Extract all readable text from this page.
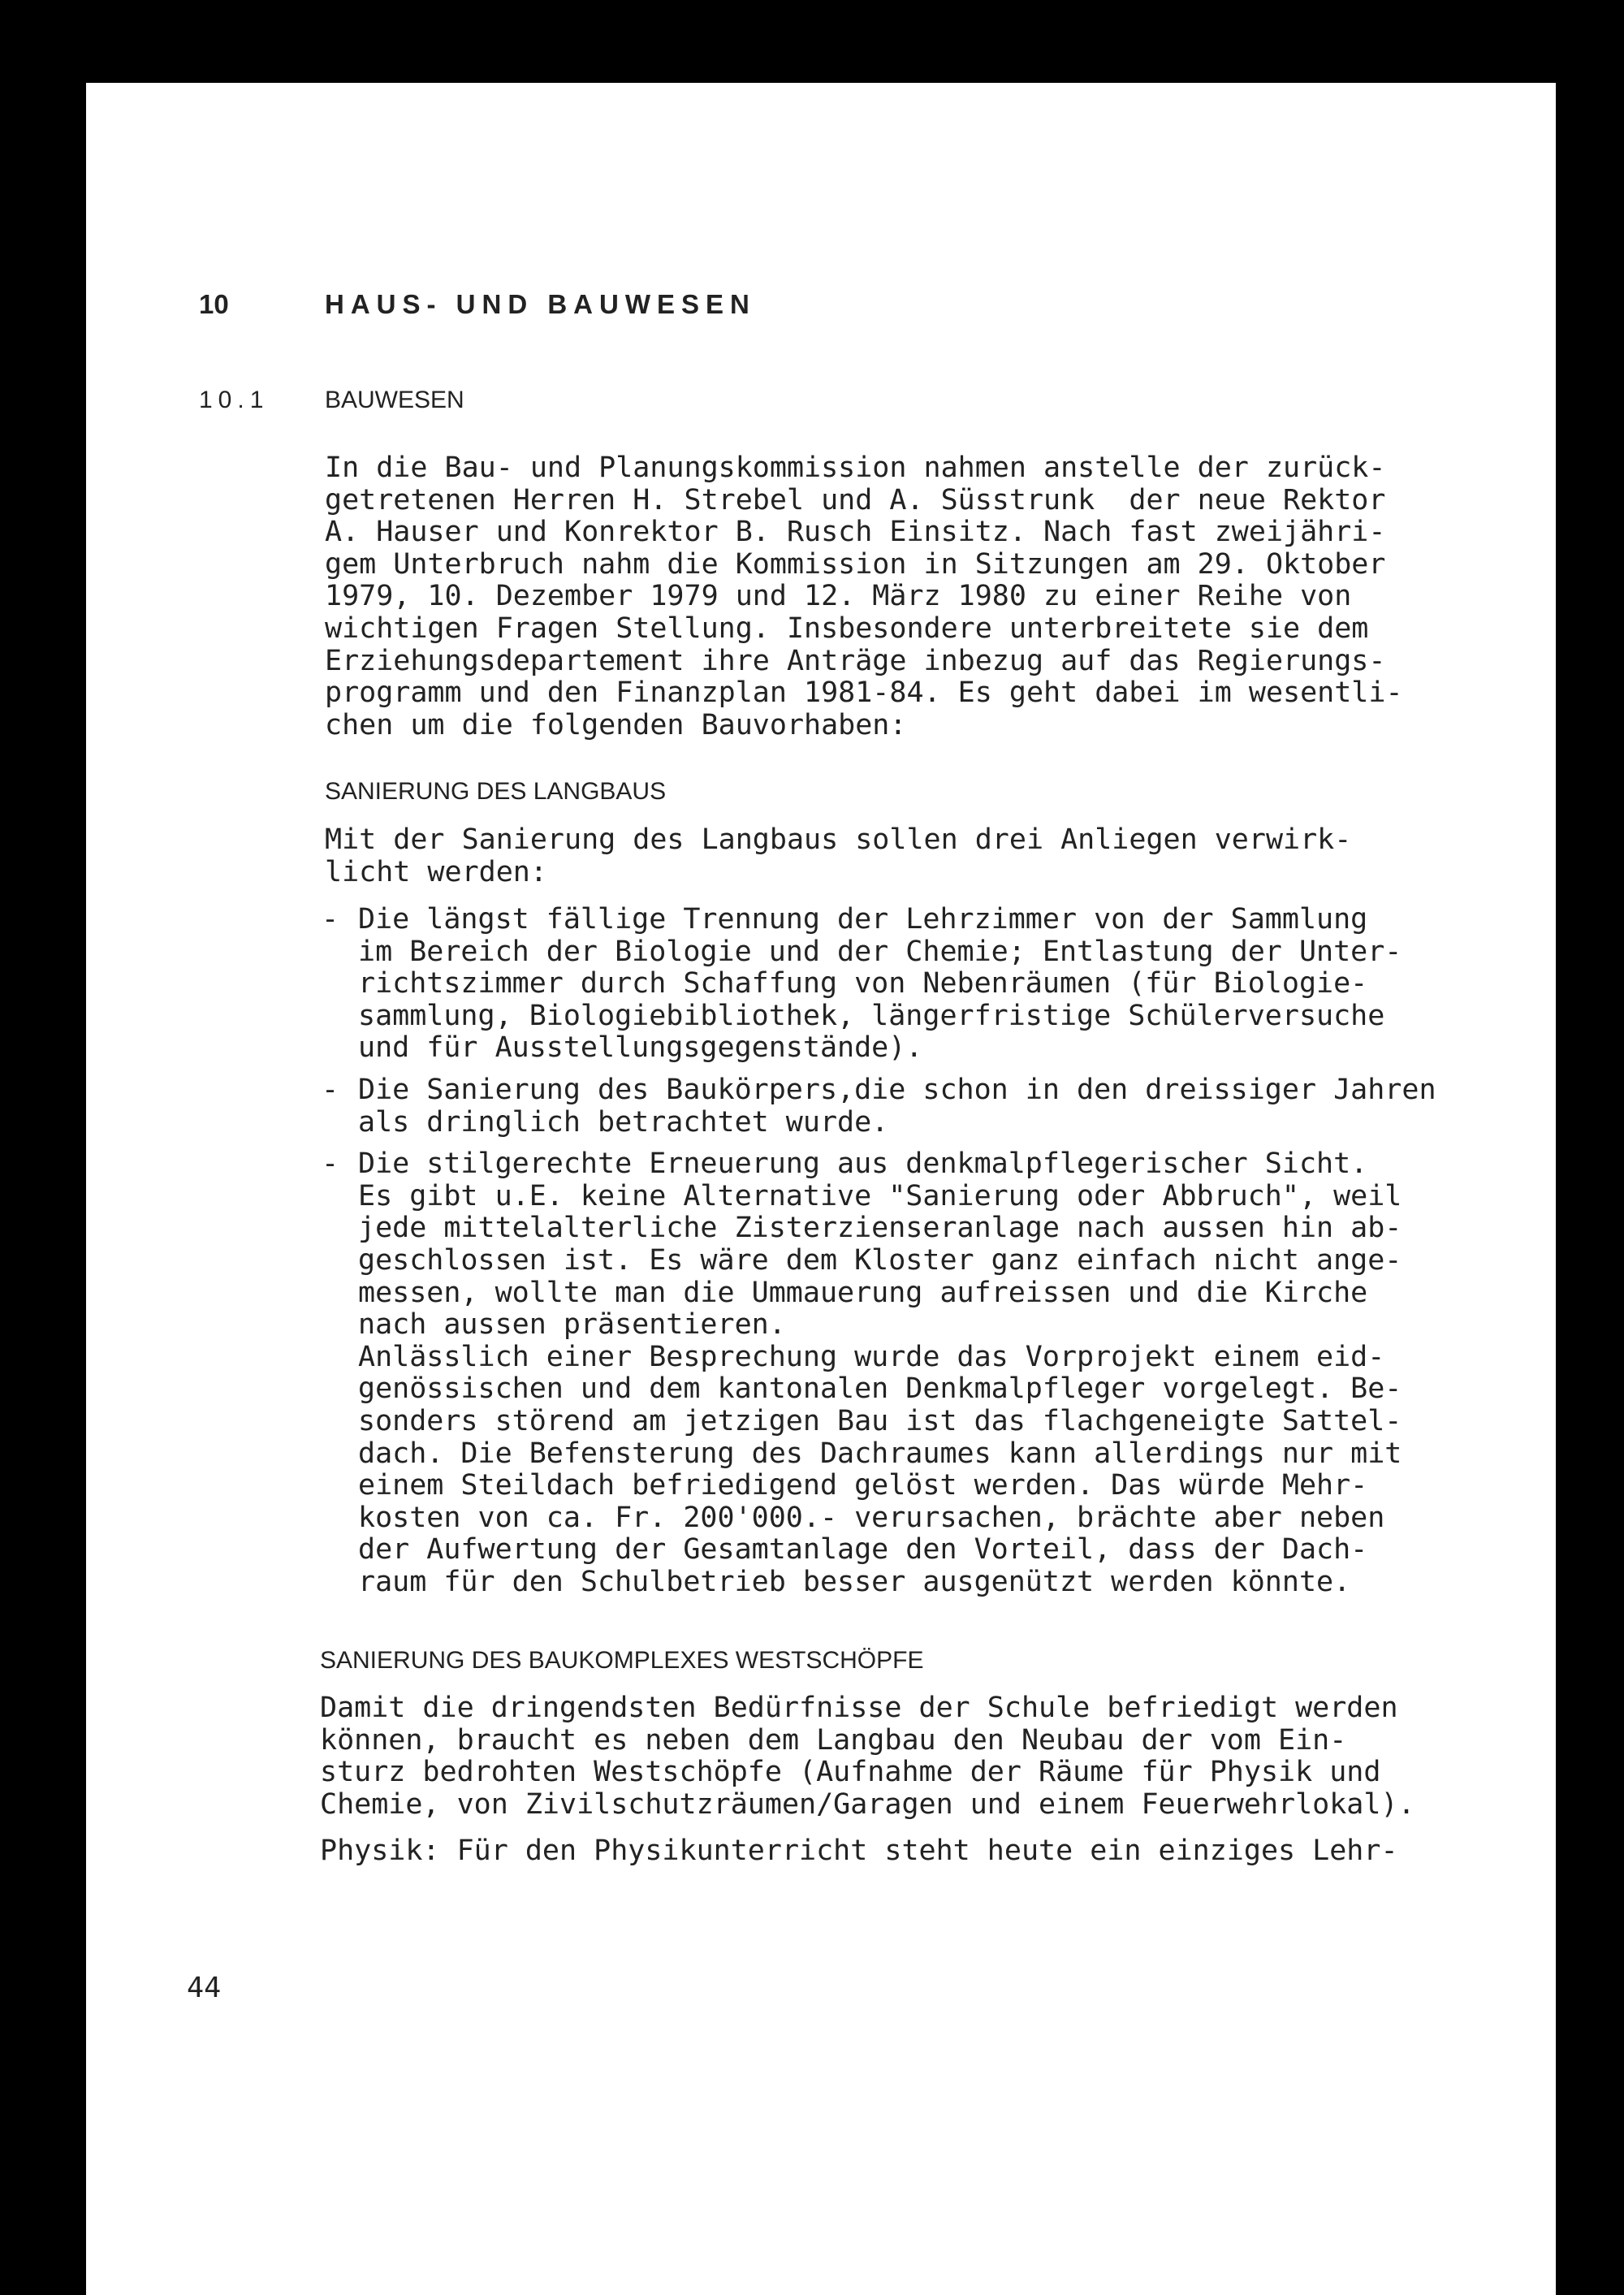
10	HAUS- UND BAUWESEN
10.1 BAUWESEN
In die Bau- und Planungskommission nahmen anstelle der zurück-
getretenen Herren H. Strebel und A. Süsstrunk  der neue Rektor
A. Hauser und Konrektor B. Rusch Einsitz. Nach fast zweijähri-
gem Unterbruch nahm die Kommission in Sitzungen am 29. Oktober
1979, 10. Dezember 1979 und 12. März 1980 zu einer Reihe von
wichtigen Fragen Stellung. Insbesondere unterbreitete sie dem
Erziehungsdepartement ihre Anträge inbezug auf das Regierungs-
programm und den Finanzplan 1981-84. Es geht dabei im wesentli-
chen um die folgenden Bauvorhaben:
SANIERUNG DES LANGBAUS
Mit der Sanierung des Langbaus sollen drei Anliegen verwirk-
licht werden:
- Die längst fällige Trennung der Lehrzimmer von der Sammlung
im Bereich der Biologie und der Chemie; Entlastung der Unter-
richtszimmer durch Schaffung von Nebenräumen (für Biologie-
sammlung, Biologiebibliothek, längerfristige Schülerversuche
und für Ausstellungsgegenstände).
- Die Sanierung des Baukörpers,die schon in den dreissiger Jahren
als dringlich betrachtet wurde.
- Die stilgerechte Erneuerung aus denkmalpflegerischer Sicht.
Es gibt u.E. keine Alternative "Sanierung oder Abbruch", weil
jede mittelalterliche Zisterzienseranlage nach aussen hin ab-
geschlossen ist. Es wäre dem Kloster ganz einfach nicht ange-
messen, wollte man die Ummauerung aufreissen und die Kirche
nach aussen präsentieren.
Anlässlich einer Besprechung wurde das Vorprojekt einem eid-
genössischen und dem kantonalen Denkmalpfleger vorgelegt. Be-
sonders störend am jetzigen Bau ist das flachgeneigte Sattel-
dach. Die Befensterung des Dachraumes kann allerdings nur mit
einem Steildach befriedigend gelöst werden. Das würde Mehr-
kosten von ca. Fr. 200'000.- verursachen, brächte aber neben
der Aufwertung der Gesamtanlage den Vorteil, dass der Dach-
raum für den Schulbetrieb besser ausgenützt werden könnte.
SANIERUNG DES BAUKOMPLEXES WESTSCHÖPFE
Damit die dringendsten Bedürfnisse der Schule befriedigt werden
können, braucht es neben dem Langbau den Neubau der vom Ein-
sturz bedrohten Westschöpfe (Aufnahme der Räume für Physik und
Chemie, von Zivilschutzräumen/Garagen und einem Feuerwehrlokal).
Physik: Für den Physikunterricht steht heute ein einziges Lehr-
44
